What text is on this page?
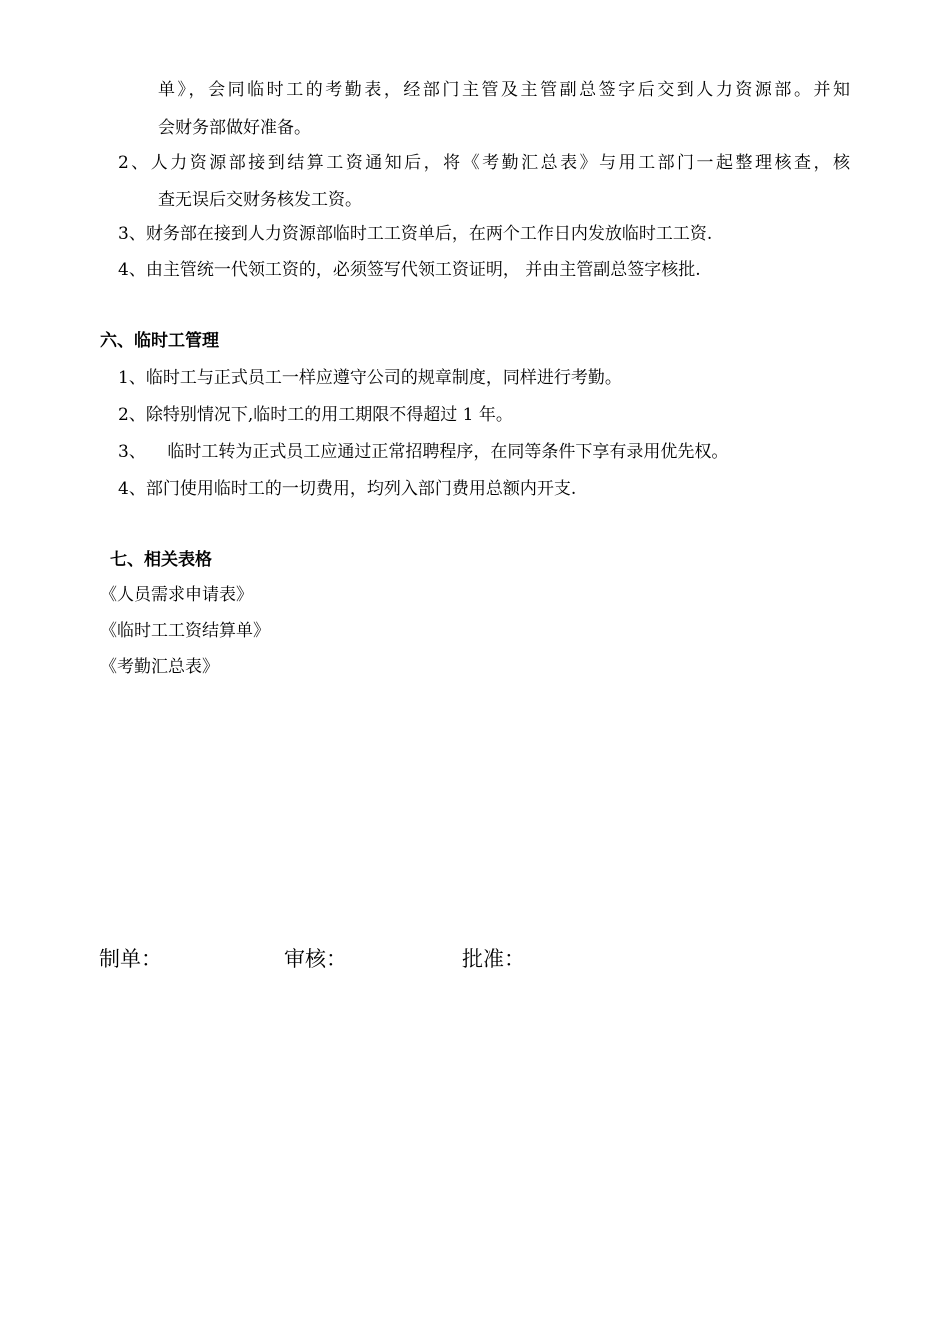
单》，会同临时工的考勤表，经部门主管及主管副总签字后交到人力资源部。并知
会财务部做好准备。
2、人力资源部接到结算工资通知后，将《考勤汇总表》与用工部门一起整理核查，核
查无误后交财务核发工资。
3、财务部在接到人力资源部临时工工资单后，在两个工作日内发放临时工工资.
4、由主管统一代领工资的，必须签写代领工资证明， 并由主管副总签字核批.
六、临时工管理
1、临时工与正式员工一样应遵守公司的规章制度，同样进行考勤。
2、除特别情况下,临时工的用工期限不得超过 1 年。
3、    临时工转为正式员工应通过正常招聘程序，在同等条件下享有录用优先权。
4、部门使用临时工的一切费用，均列入部门费用总额内开支.
七、相关表格
《人员需求申请表》
《临时工工资结算单》
《考勤汇总表》
制单：	审核：	批准：
